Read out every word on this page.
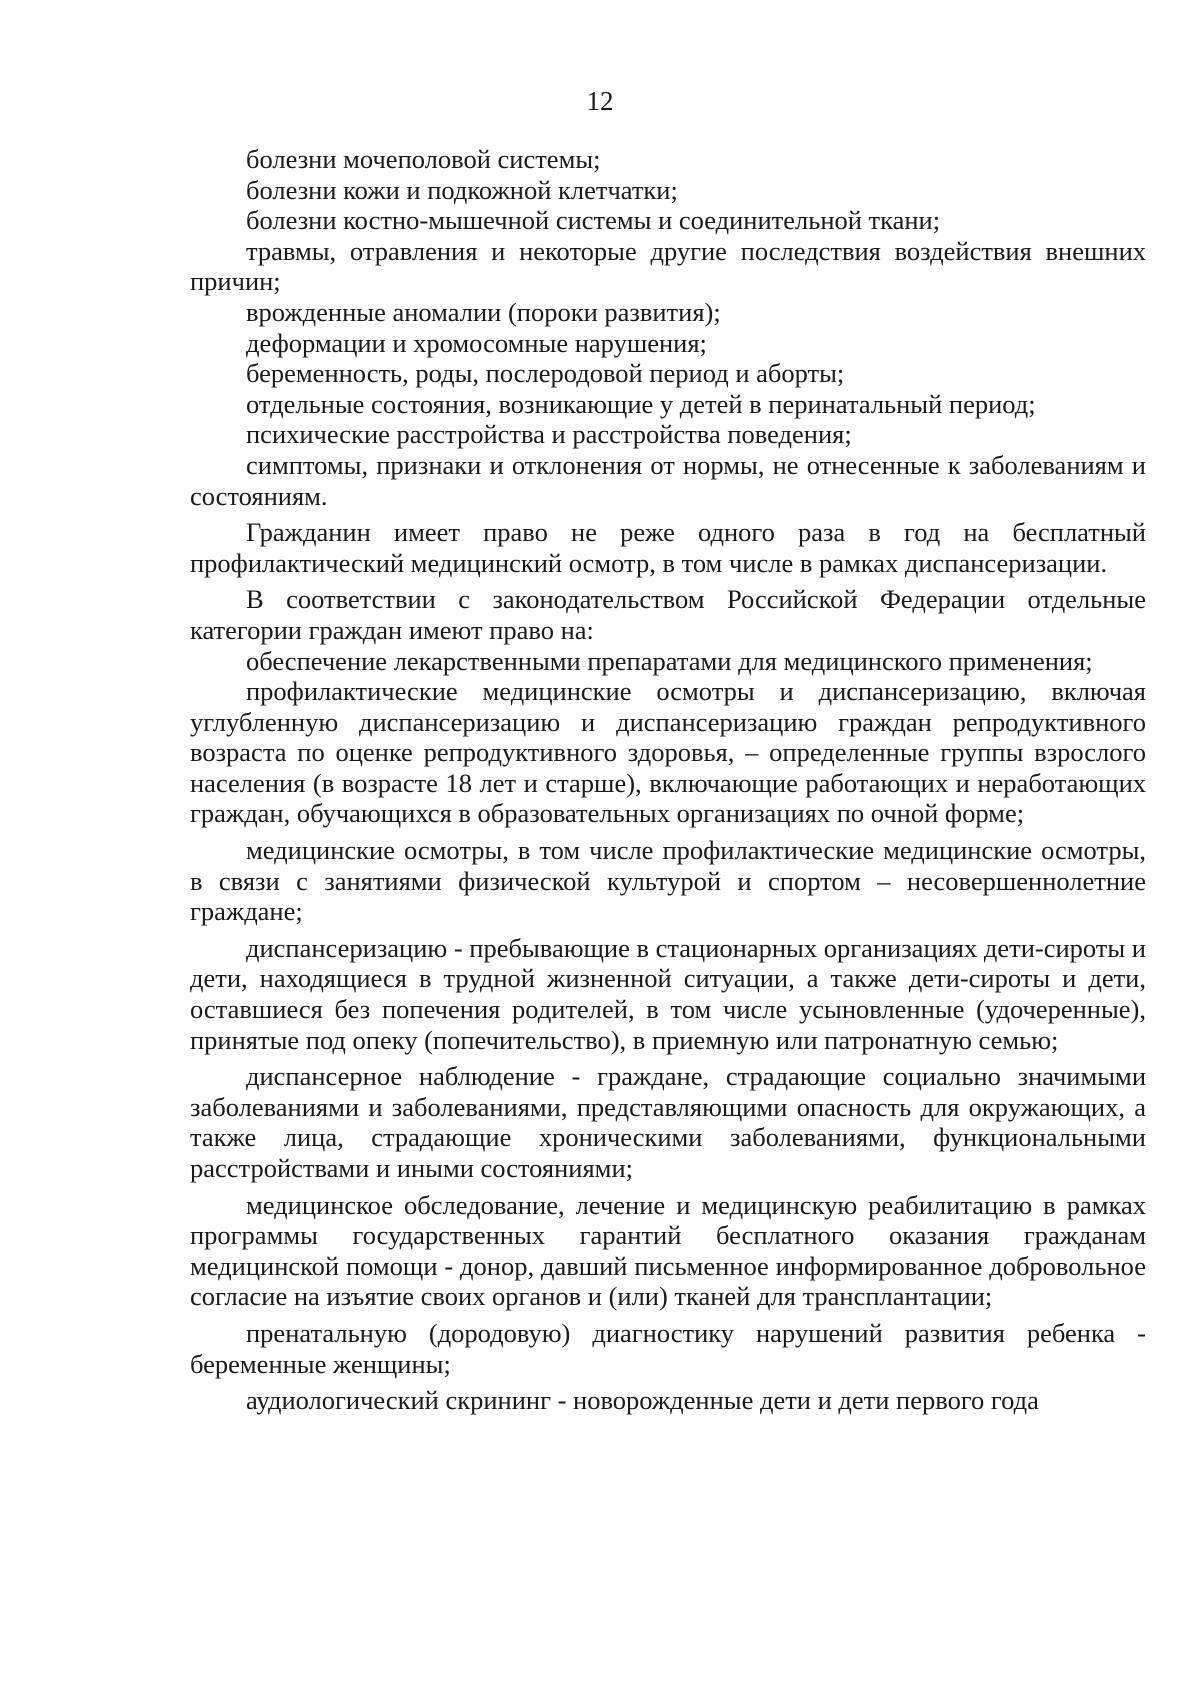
12

болезни мочеполовой системы;

болезни кожи и подкожной клетчатки;

болезни костно-мышечной системы и соединительной ткани;

травмы, отравления и некоторые другие последствия воздействия внешних причин;

врожденные аномалии (пороки развития);

деформации и хромосомные нарушения;

беременность, роды, послеродовой период и аборты;

отдельные состояния, возникающие у детей в перинатальный период;

психические расстройства и расстройства поведения;

симптомы, признаки и отклонения от нормы, не отнесенные к заболеваниям и состояниям.

Гражданин имеет право не реже одного раза в год на бесплатный профилактический медицинский осмотр, в том числе в рамках диспансеризации.

В соответствии с законодательством Российской Федерации отдельные категории граждан имеют право на:

обеспечение лекарственными препаратами для медицинского применения;

профилактические медицинские осмотры и диспансеризацию, включая углубленную диспансеризацию и диспансеризацию граждан репродуктивного возраста по оценке репродуктивного здоровья, – определенные группы взрослого населения (в возрасте 18 лет и старше), включающие работающих и неработающих граждан, обучающихся в образовательных организациях по очной форме;

медицинские осмотры, в том числе профилактические медицинские осмотры, в связи с занятиями физической культурой и спортом – несовершеннолетние граждане;

диспансеризацию - пребывающие в стационарных организациях дети-сироты и дети, находящиеся в трудной жизненной ситуации, а также дети-сироты и дети, оставшиеся без попечения родителей, в том числе усыновленные (удочеренные), принятые под опеку (попечительство), в приемную или патронатную семью;

диспансерное наблюдение - граждане, страдающие социально значимыми заболеваниями и заболеваниями, представляющими опасность для окружающих, а также лица, страдающие хроническими заболеваниями, функциональными расстройствами и иными состояниями;

медицинское обследование, лечение и медицинскую реабилитацию в рамках программы государственных гарантий бесплатного оказания гражданам медицинской помощи - донор, давший письменное информированное добровольное согласие на изъятие своих органов и (или) тканей для трансплантации;

пренатальную (дородовую) диагностику нарушений развития ребенка - беременные женщины;

аудиологический скрининг - новорожденные дети и дети первого года
